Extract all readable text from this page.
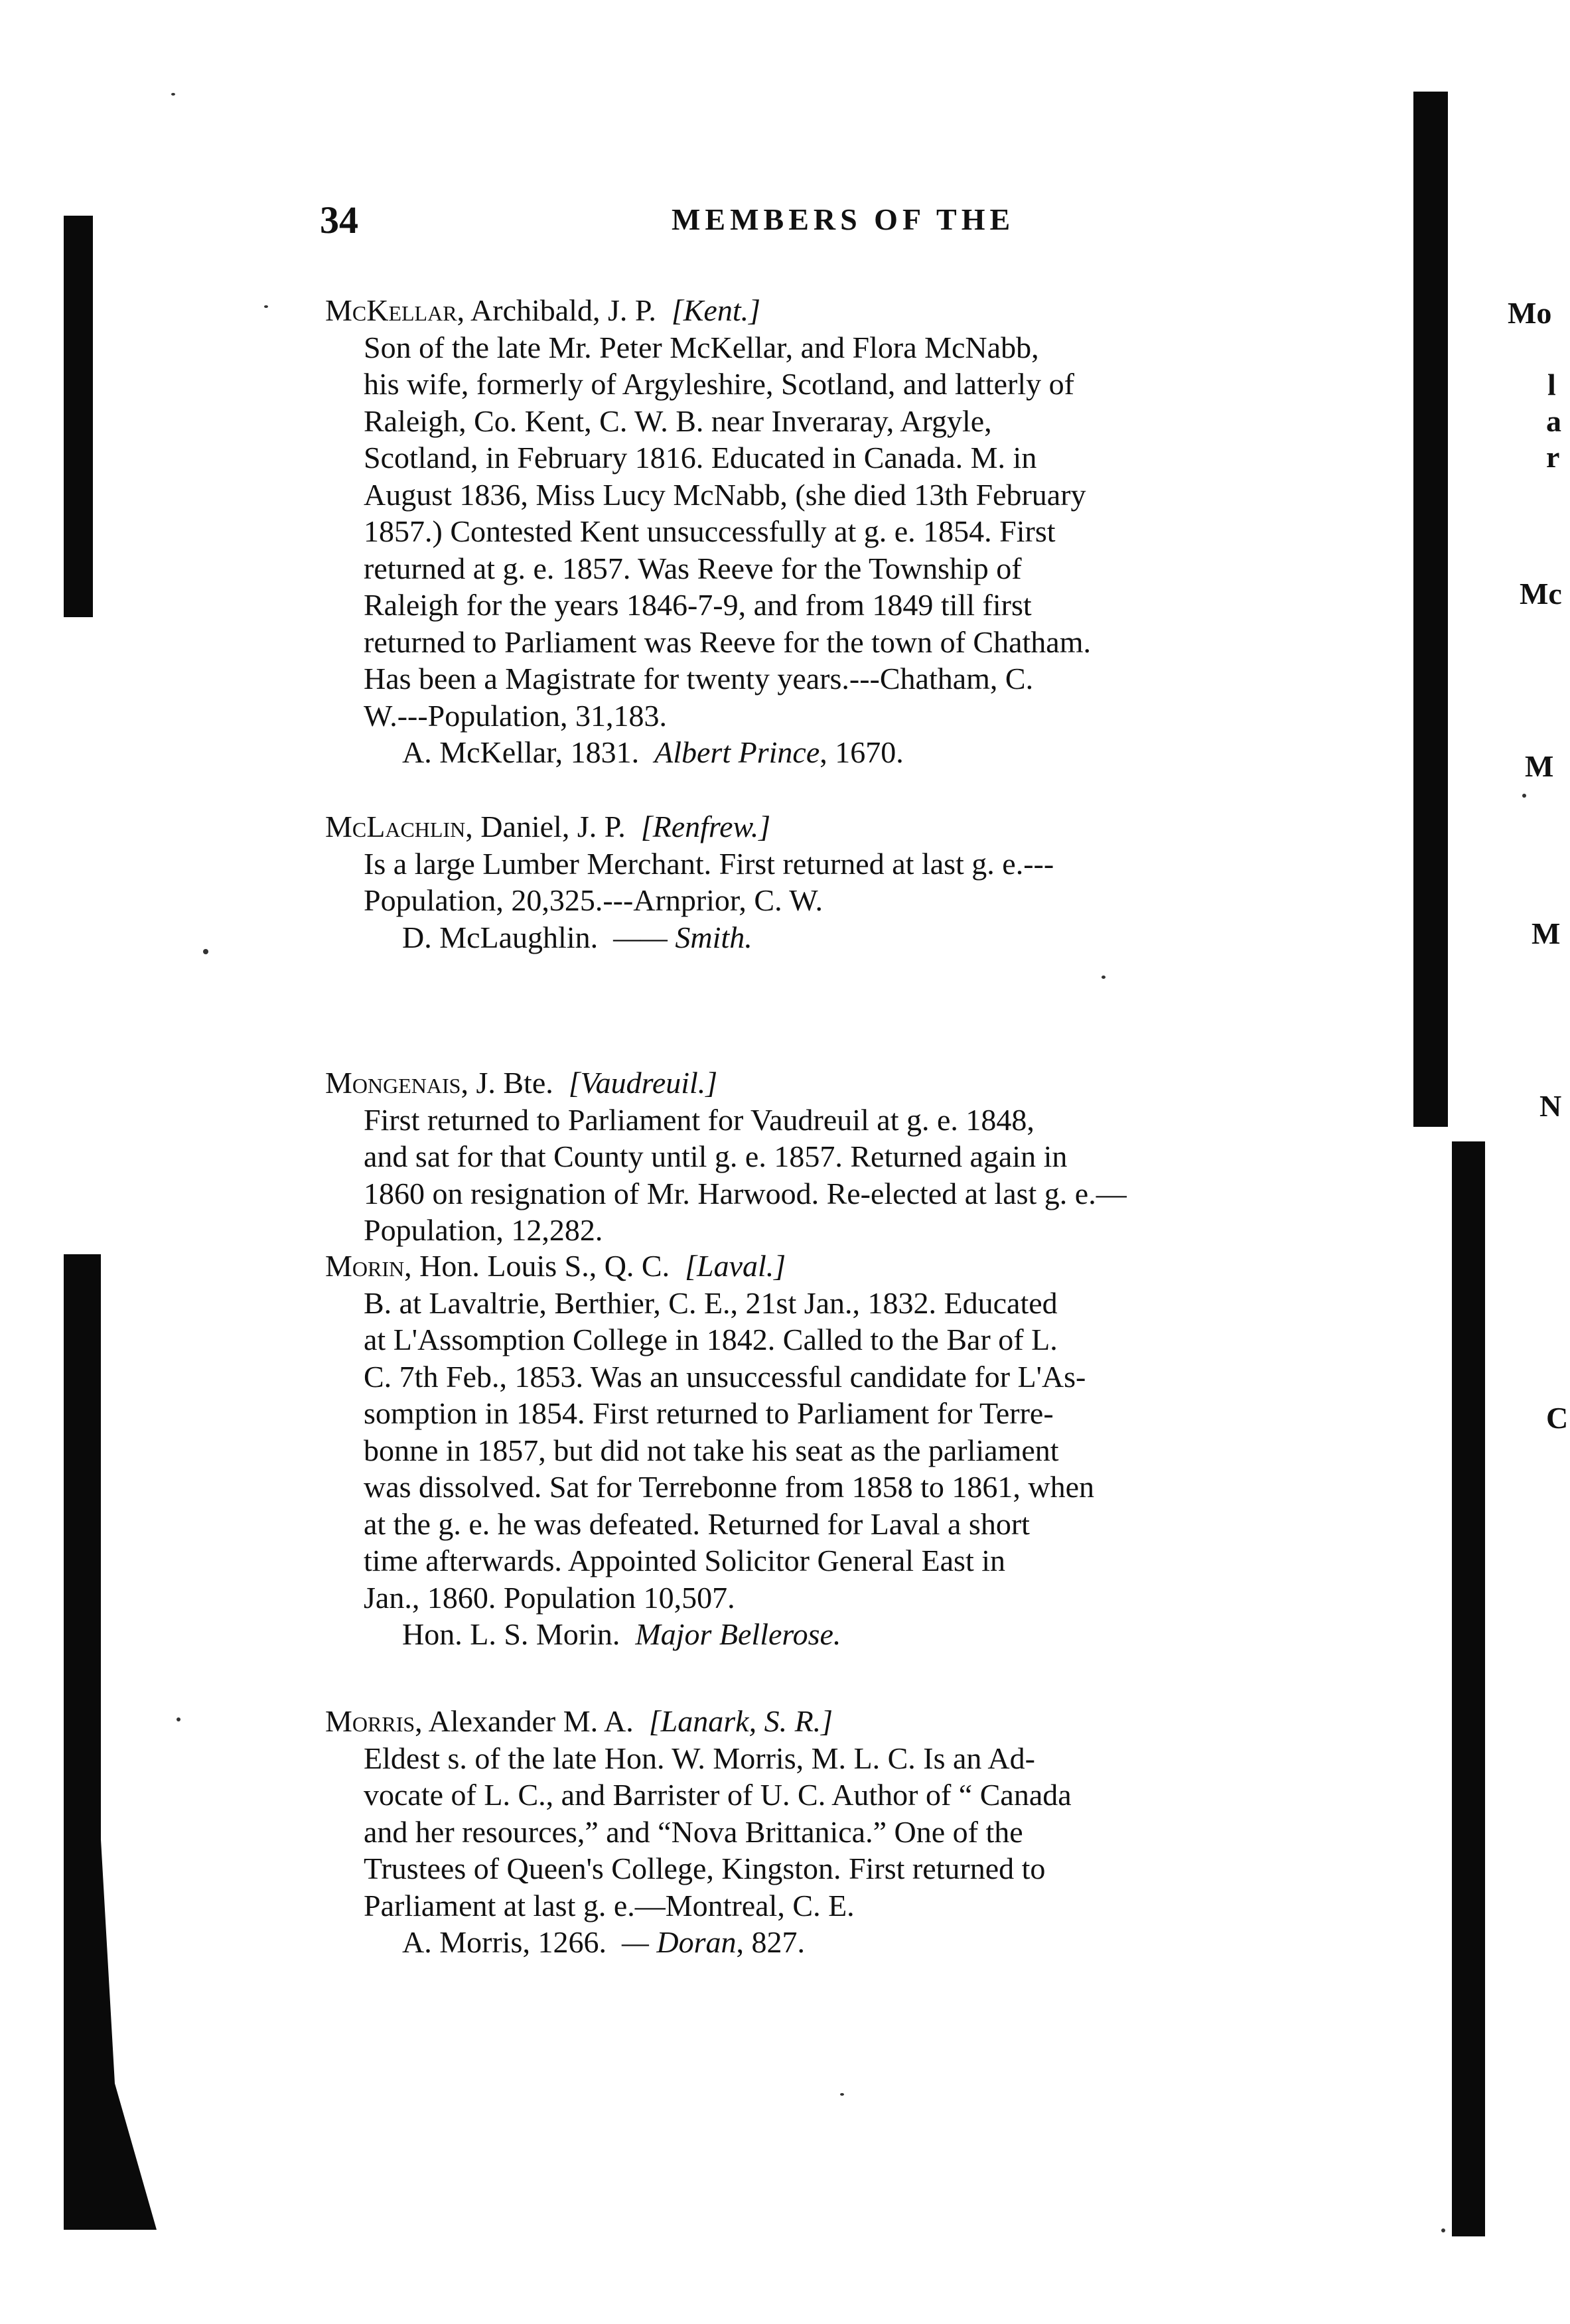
34	MEMBERS OF THE

McKellar, Archibald, J. P. [Kent.]

Son of the late Mr. Peter McKellar, and Flora McNabb,

his wife, formerly of Argyleshire, Scotland, and latterly of

Raleigh, Co. Kent, C. W. B. near Inveraray, Argyle,

Scotland, in February 1816. Educated in Canada. M. in

August 1836, Miss Lucy McNabb, (she died 13th February

1857.) Contested Kent unsuccessfully at g. e. 1854. First

returned at g. e. 1857. Was Reeve for the Township of

Raleigh for the years 1846-7-9, and from 1849 till first

returned to Parliament was Reeve for the town of Chatham.

Has been a Magistrate for twenty years.---Chatham, C.

W.---Population, 31,183.

A. McKellar, 1831. Albert Prince, 1670.

McLachlin, Daniel, J. P. [Renfrew.]

Is a large Lumber Merchant. First returned at last g. e.---

Population, 20,325.---Arnprior, C. W.

D. McLaughlin. —— Smith.

Mongenais, J. Bte. [Vaudreuil.]

First returned to Parliament for Vaudreuil at g. e. 1848,

and sat for that County until g. e. 1857. Returned again in

1860 on resignation of Mr. Harwood. Re-elected at last g. e.—

Population, 12,282.

Morin, Hon. Louis S., Q. C. [Laval.]

B. at Lavaltrie, Berthier, C. E., 21st Jan., 1832. Educated

at L'Assomption College in 1842. Called to the Bar of L.

C. 7th Feb., 1853. Was an unsuccessful candidate for L'As-

somption in 1854. First returned to Parliament for Terre-

bonne in 1857, but did not take his seat as the parliament

was dissolved. Sat for Terrebonne from 1858 to 1861, when

at the g. e. he was defeated. Returned for Laval a short

time afterwards. Appointed Solicitor General East in

Jan., 1860. Population 10,507.

Hon. L. S. Morin. Major Bellerose.

Morris, Alexander M. A. [Lanark, S. R.]

Eldest s. of the late Hon. W. Morris, M. L. C. Is an Ad-

vocate of L. C., and Barrister of U. C. Author of “ Canada

and her resources,” and “Nova Brittanica.” One of the

Trustees of Queen's College, Kingston. First returned to

Parliament at last g. e.—Montreal, C. E.

A. Morris, 1266. — Doran, 827.

Mo
l
a
r
Mc
M
M
N
C
